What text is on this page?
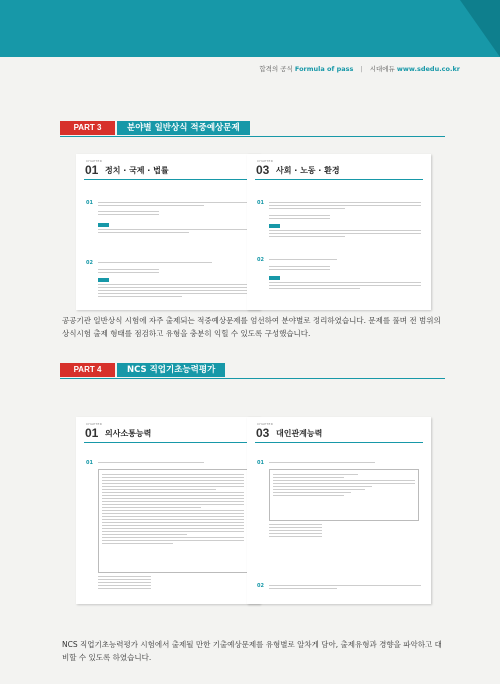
합격의 공식 Formula of pass | 시대에듀 www.sdedu.co.kr
PART 3	분야별 일반상식 적중예상문제
CHAPTER
01 정치 · 국제 · 법률
01
02
CHAPTER
03 사회 · 노동 · 환경
01
02
공공기관 일반상식 시험에 자주 출제되는 적중예상문제를 엄선하여 분야별로 정리하였습니다. 문제를 풀며 전 범위의 상식시험 출제 형태를 점검하고 유형을 충분히 익힐 수 있도록 구성했습니다.
PART 4	NCS 직업기초능력평가
CHAPTER
01 의사소통능력
01
CHAPTER
03 대인관계능력
01
02
NCS 직업기초능력평가 시험에서 출제될 만한 기출예상문제를 유형별로 알차게 담아, 출제유형과 경향을 파악하고 대비할 수 있도록 하였습니다.
